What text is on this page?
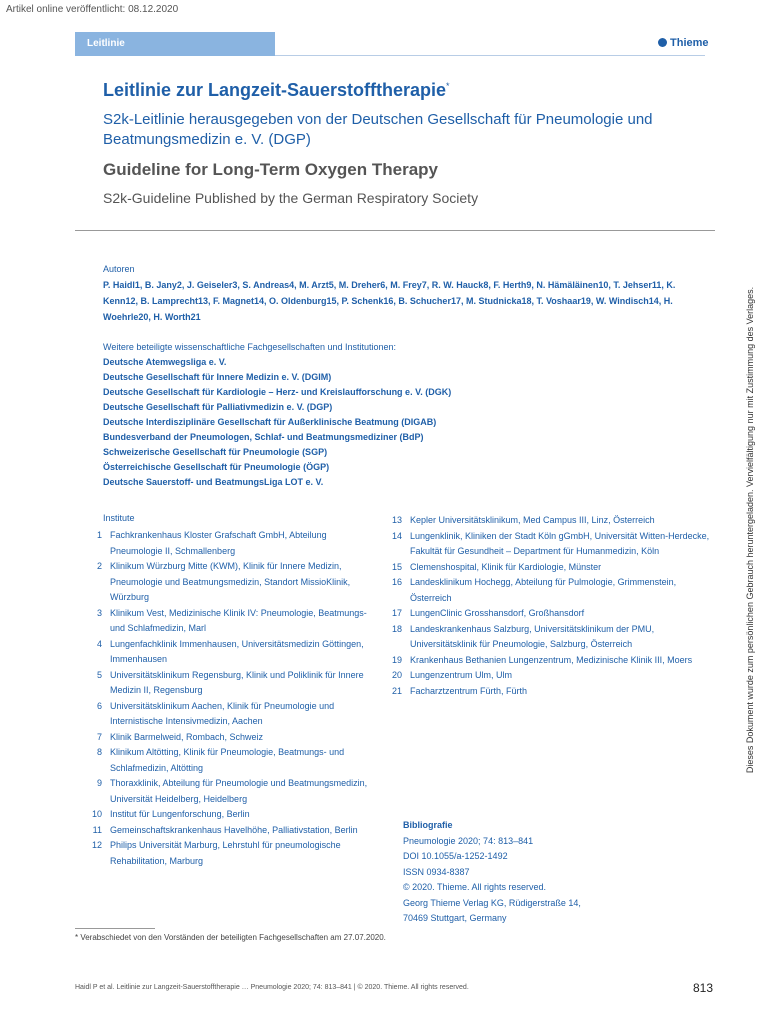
Artikel online veröffentlicht: 08.12.2020
Leitlinie	Thieme
Leitlinie zur Langzeit-Sauerstofftherapie*
S2k-Leitlinie herausgegeben von der Deutschen Gesellschaft für Pneumologie und Beatmungsmedizin e. V. (DGP)
Guideline for Long-Term Oxygen Therapy
S2k-Guideline Published by the German Respiratory Society
Dieses Dokument wurde zum persönlichen Gebrauch heruntergeladen. Vervielfältigung nur mit Zustimmung des Verlages.
Autoren
P. Haidl1, B. Jany2, J. Geiseler3, S. Andreas4, M. Arzt5, M. Dreher6, M. Frey7, R. W. Hauck8, F. Herth9, N. Hämäläinen10, T. Jehser11, K. Kenn12, B. Lamprecht13, F. Magnet14, O. Oldenburg15, P. Schenk16, B. Schucher17, M. Studnicka18, T. Voshaar19, W. Windisch14, H. Woehrle20, H. Worth21
Weitere beteiligte wissenschaftliche Fachgesellschaften und Institutionen:
Deutsche Atemwegsliga e. V.
Deutsche Gesellschaft für Innere Medizin e. V. (DGIM)
Deutsche Gesellschaft für Kardiologie – Herz- und Kreislaufforschung e. V. (DGK)
Deutsche Gesellschaft für Palliativmedizin e. V. (DGP)
Deutsche Interdisziplinäre Gesellschaft für Außerklinische Beatmung (DIGAB)
Bundesverband der Pneumologen, Schlaf- und Beatmungsmediziner (BdP)
Schweizerische Gesellschaft für Pneumologie (SGP)
Österreichische Gesellschaft für Pneumologie (ÖGP)
Deutsche Sauerstoff- und BeatmungsLiga LOT e. V.
Institute
1 Fachkrankenhaus Kloster Grafschaft GmbH, Abteilung Pneumologie II, Schmallenberg
2 Klinikum Würzburg Mitte (KWM), Klinik für Innere Medizin, Pneumologie und Beatmungsmedizin, Standort MissioKlinik, Würzburg
3 Klinikum Vest, Medizinische Klinik IV: Pneumologie, Beatmungs- und Schlafmedizin, Marl
4 Lungenfachklinik Immenhausen, Universitätsmedizin Göttingen, Immenhausen
5 Universitätsklinikum Regensburg, Klinik und Poliklinik für Innere Medizin II, Regensburg
6 Universitätsklinikum Aachen, Klinik für Pneumologie und Internistische Intensivmedizin, Aachen
7 Klinik Barmelweid, Rombach, Schweiz
8 Klinikum Altötting, Klinik für Pneumologie, Beatmungs- und Schlafmedizin, Altötting
9 Thoraxklinik, Abteilung für Pneumologie und Beatmungsmedizin, Universität Heidelberg, Heidelberg
10 Institut für Lungenforschung, Berlin
11 Gemeinschaftskrankenhaus Havelhöhe, Palliativstation, Berlin
12 Philips Universität Marburg, Lehrstuhl für pneumologische Rehabilitation, Marburg
13 Kepler Universitätsklinikum, Med Campus III, Linz, Österreich
14 Lungenklinik, Kliniken der Stadt Köln gGmbH, Universität Witten-Herdecke, Fakultät für Gesundheit – Department für Humanmedizin, Köln
15 Clemenshospital, Klinik für Kardiologie, Münster
16 Landesklinikum Hochegg, Abteilung für Pulmologie, Grimmenstein, Österreich
17 LungenClinic Grosshansdorf, Großhansdorf
18 Landeskrankenhaus Salzburg, Universitätsklinikum der PMU, Universitätsklinik für Pneumologie, Salzburg, Österreich
19 Krankenhaus Bethanien Lungenzentrum, Medizinische Klinik III, Moers
20 Lungenzentrum Ulm, Ulm
21 Facharztzentrum Fürth, Fürth
Bibliografie
Pneumologie 2020; 74: 813–841
DOI 10.1055/a-1252-1492
ISSN 0934-8387
© 2020. Thieme. All rights reserved.
Georg Thieme Verlag KG, Rüdigerstraße 14,
70469 Stuttgart, Germany
* Verabschiedet von den Vorständen der beteiligten Fachgesellschaften am 27.07.2020.
Haidl P et al. Leitlinie zur Langzeit-Sauerstofftherapie … Pneumologie 2020; 74: 813–841 | © 2020. Thieme. All rights reserved.	813
